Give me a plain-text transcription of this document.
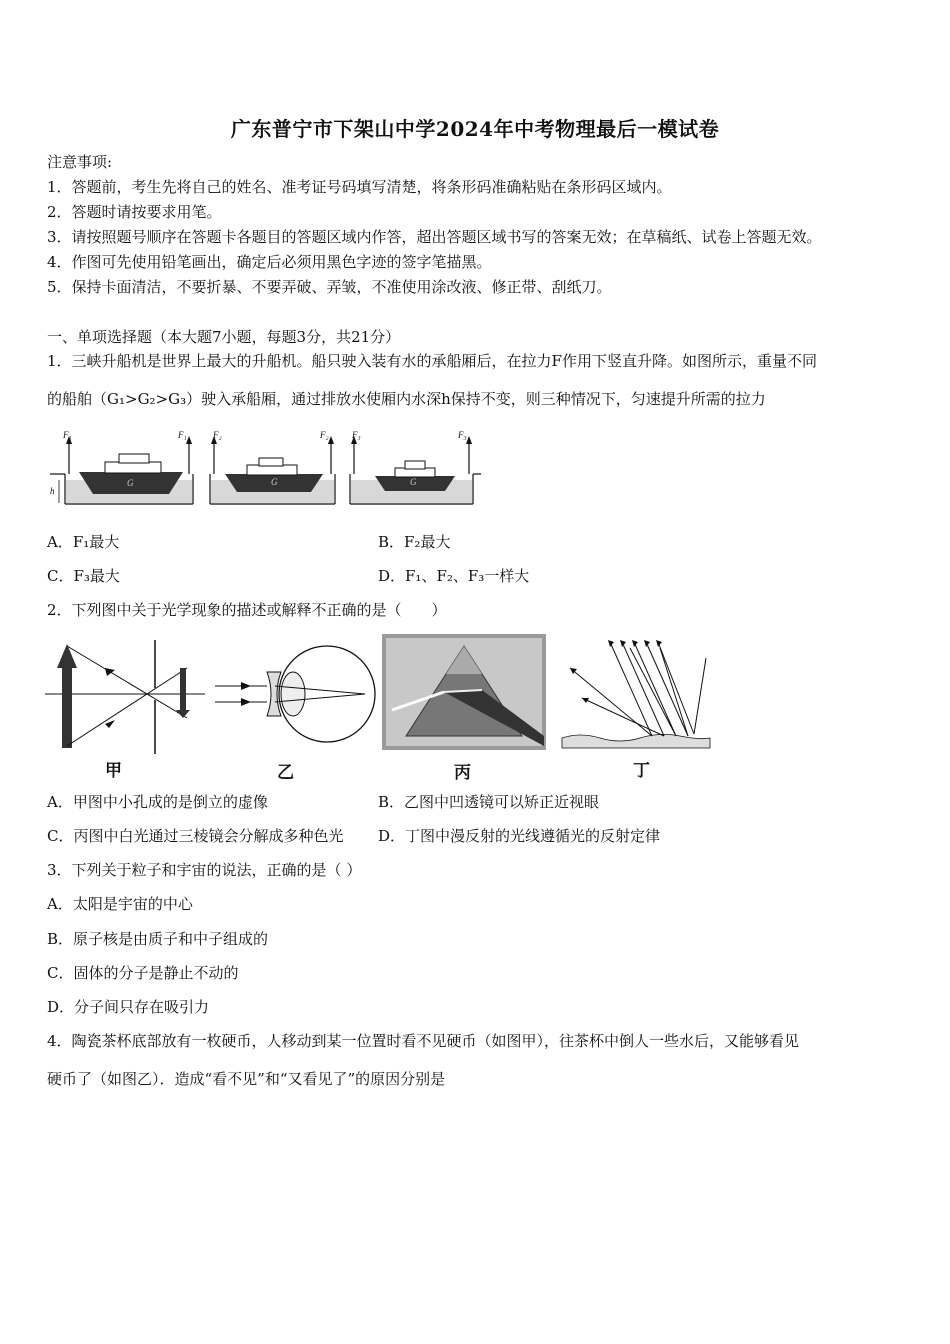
广东普宁市下架山中学2024年中考物理最后一模试卷
注意事项:
1．答题前，考生先将自己的姓名、准考证号码填写清楚，将条形码准确粘贴在条形码区域内。
2．答题时请按要求用笔。
3．请按照题号顺序在答题卡各题目的答题区域内作答，超出答题区域书写的答案无效；在草稿纸、试卷上答题无效。
4．作图可先使用铅笔画出，确定后必须用黑色字迹的签字笔描黑。
5．保持卡面清洁，不要折暴、不要弄破、弄皱，不准使用涂改液、修正带、刮纸刀。
一、单项选择题（本大题7小题，每题3分，共21分）
1．三峡升船机是世界上最大的升船机。船只驶入装有水的承船厢后，在拉力F作用下竖直升降。如图所示，重量不同
的船舶（G₁>G₂>G₃）驶入承船厢，通过排放水使厢内水深h保持不变，则三种情况下，匀速提升所需的拉力
F₁	F₁	F₂	F₂	F₃	F₃
G	G	G
h
A．F₁最大	B．F₂最大
C．F₃最大	D．F₁、F₂、F₃一样大
2．下列图中关于光学现象的描述或解释不正确的是（　　）
甲	乙	丙	丁
A．甲图中小孔成的是倒立的虚像	B．乙图中凹透镜可以矫正近视眼
C．丙图中白光通过三棱镜会分解成多种色光 D．丁图中漫反射的光线遵循光的反射定律
3．下列关于粒子和宇宙的说法，正确的是（ ）
A．太阳是宇宙的中心
B．原子核是由质子和中子组成的
C．固体的分子是静止不动的
D．分子间只存在吸引力
4．陶瓷茶杯底部放有一枚硬币，人移动到某一位置时看不见硬币（如图甲），往茶杯中倒人一些水后，又能够看见
硬币了（如图乙）．造成“看不见”和“又看见了”的原因分别是
